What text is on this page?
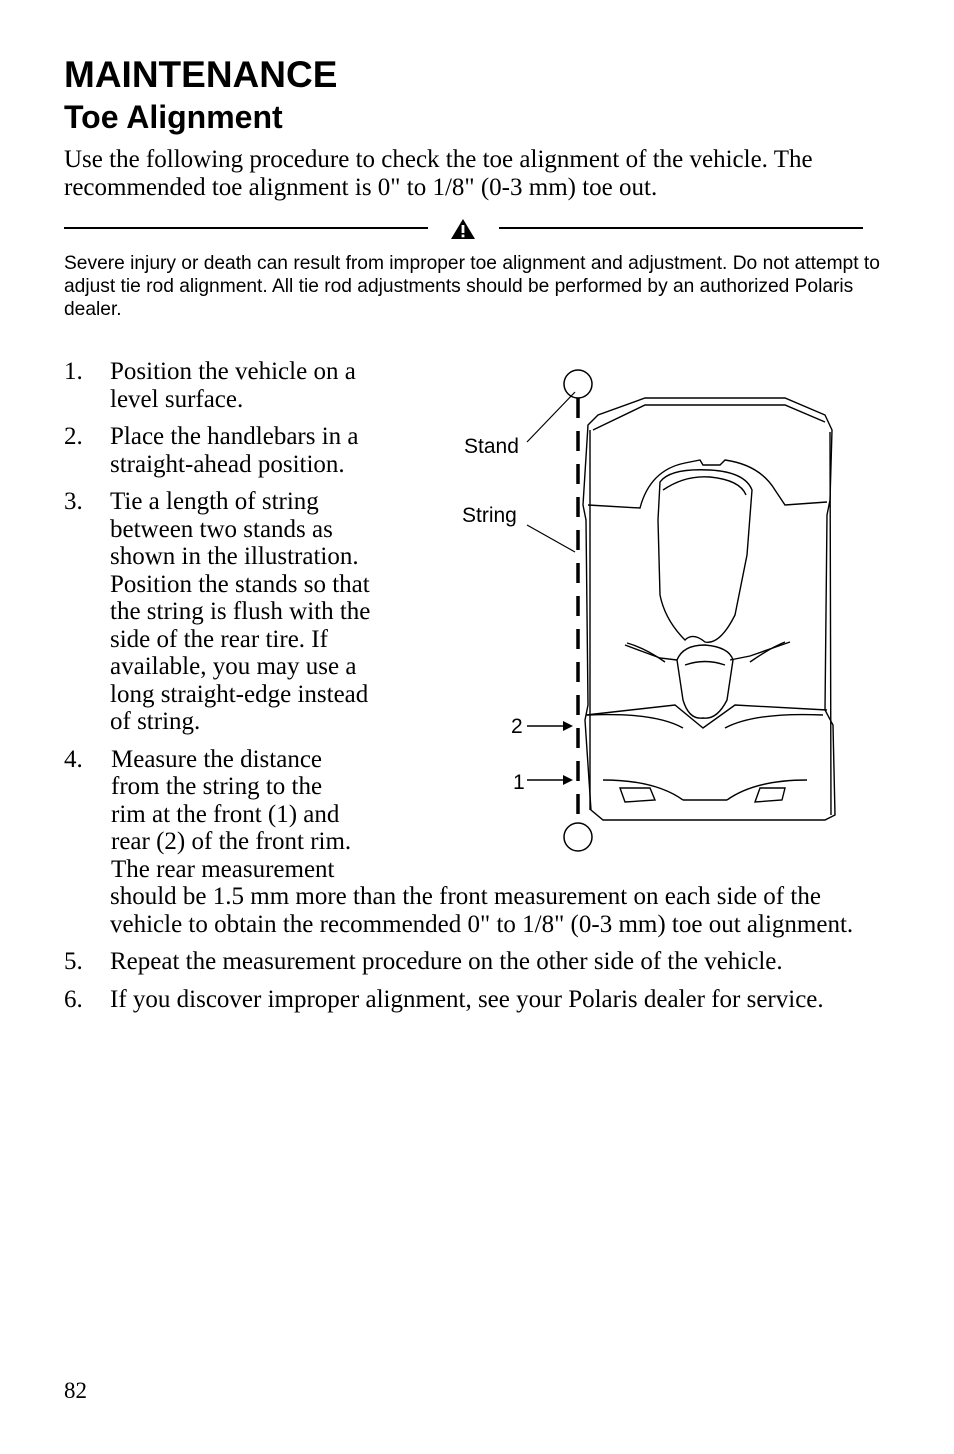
MAINTENANCE
Toe Alignment

Use the following procedure to check the toe alignment of the vehicle. The recommended toe alignment is 0" to 1/8" (0-3 mm) toe out.

Severe injury or death can result from improper toe alignment and adjustment. Do not attempt to adjust tie rod alignment. All tie rod adjustments should be performed by an authorized Polaris dealer.

1. Position the vehicle on a level surface.
2. Place the handlebars in a straight-ahead position.
3. Tie a length of string between two stands as shown in the illustration. Position the stands so that the string is flush with the side of the rear tire. If available, you may use a long straight-edge instead of string.
4. Measure the distance from the string to the rim at the front (1) and rear (2) of the front rim. The rear measurement should be 1.5 mm more than the front measurement on each side of the vehicle to obtain the recommended 0" to 1/8" (0-3 mm) toe out alignment.
5. Repeat the measurement procedure on the other side of the vehicle.
6. If you discover improper alignment, see your Polaris dealer for service.
Stand
String
2
1

82
